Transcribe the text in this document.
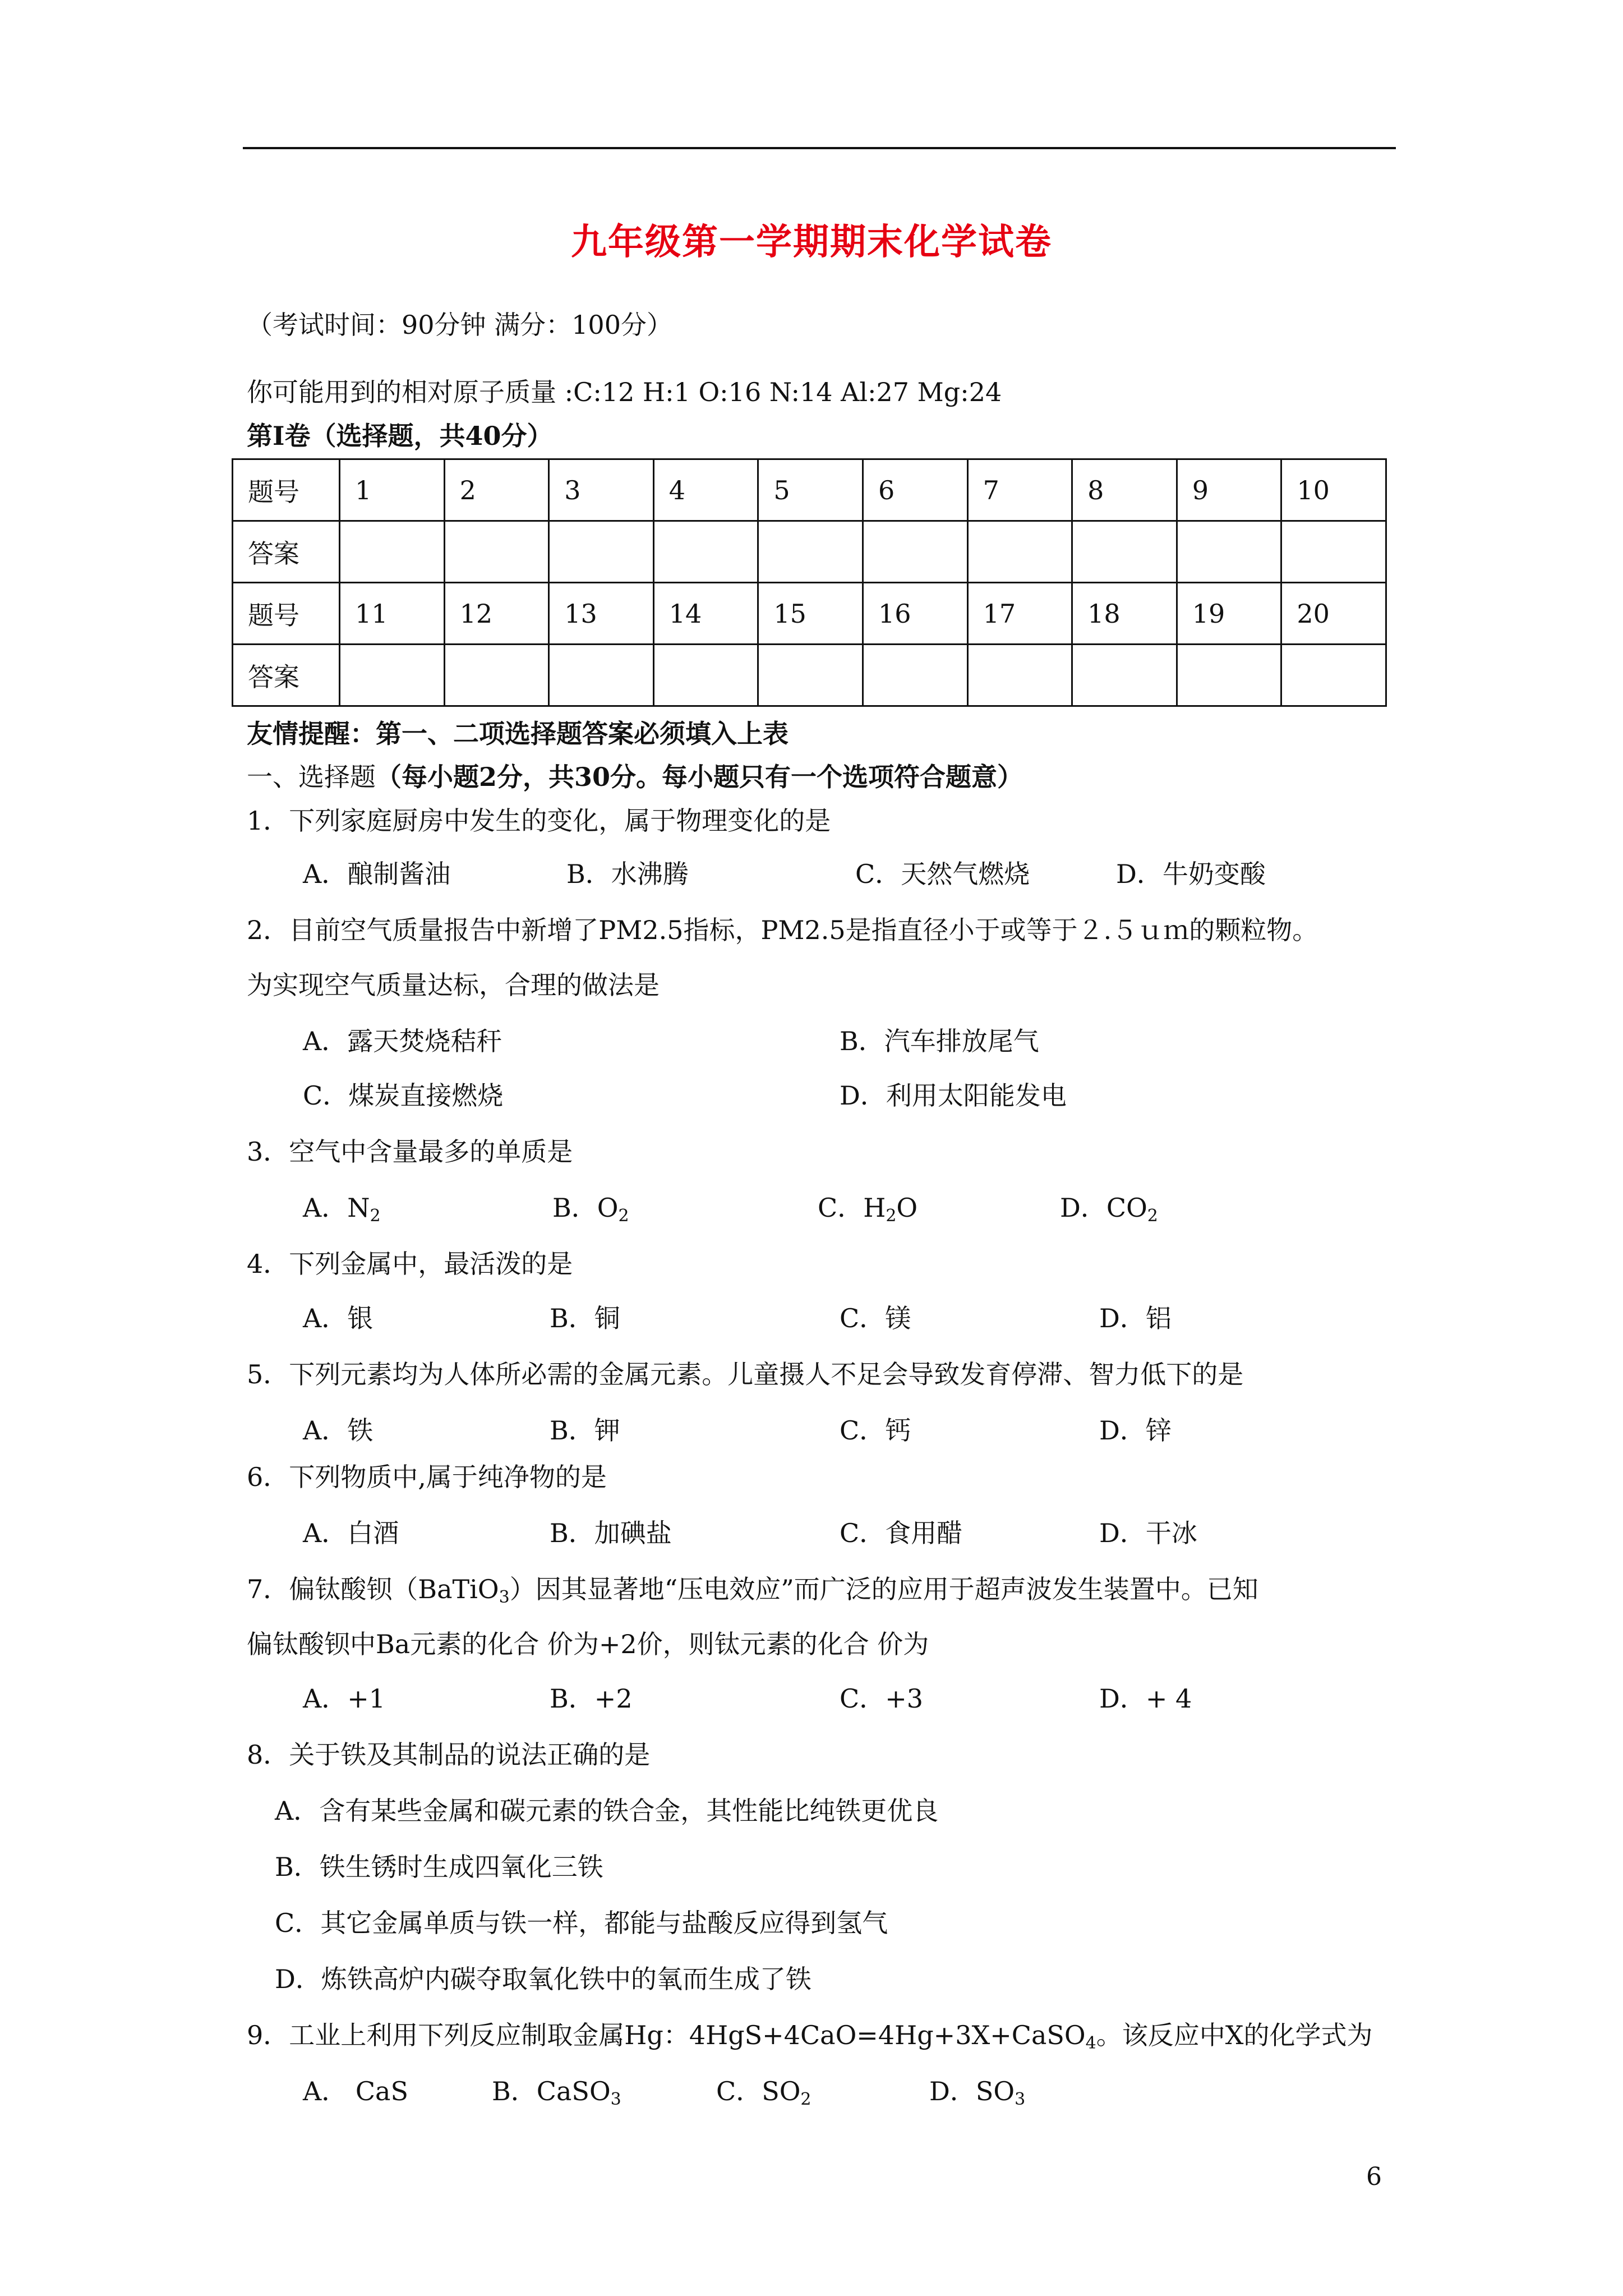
九年级第一学期期末化学试卷
（考试时间：90分钟 满分：100分）
你可能用到的相对原子质量 :C:12 H:1 O:16 N:14 Al:27 Mg:24
第Ⅰ卷（选择题，共40分）
题号	1	2	3	4	5	6	7	8	9	10
答案										
题号	11	12	13	14	15	16	17	18	19	20
答案										
友情提醒：第一、二项选择题答案必须填入上表
一、选择题（每小题2分，共30分。每小题只有一个选项符合题意）
1．下列家庭厨房中发生的变化，属于物理变化的是
A．酿制酱油	B．水沸腾	C．天然气燃烧	D．牛奶变酸
2．目前空气质量报告中新增了PM2.5指标，PM2.5是指直径小于或等于２.５ｕｍ的颗粒物。
为实现空气质量达标，合理的做法是
A．露天焚烧秸秆	B．汽车排放尾气
C．煤炭直接燃烧	D．利用太阳能发电
3．空气中含量最多的单质是
A．$N_2$	B．$O_2$	C．$H_2O$	D．$CO_2$
4．下列金属中，最活泼的是
A．银	B．铜	C．镁	D．铝
5．下列元素均为人体所必需的金属元素。儿童摄人不足会导致发育停滞、智力低下的是
A．铁	B．钾	C．钙	D．锌
6．下列物质中,属于纯净物的是
A．白酒	B．加碘盐	C．食用醋	D．干冰
7．偏钛酸钡（BaTiO$_3$）因其显著地“压电效应”而广泛的应用于超声波发生装置中。已知
偏钛酸钡中Ba元素的化合 价为+2价，则钛元素的化合 价为
A．+1	B．+2	C．+3	D．+ 4
8．关于铁及其制品的说法正确的是
A．含有某些金属和碳元素的铁合金，其性能比纯铁更优良
B．铁生锈时生成四氧化三铁
C．其它金属单质与铁一样，都能与盐酸反应得到氢气
D．炼铁高炉内碳夺取氧化铁中的氧而生成了铁
9．工业上利用下列反应制取金属Hg：4HgS+4CaO=4Hg+3X+CaSO$_4$。该反应中X的化学式为
A． CaS	B．CaSO$_3$	C．$SO_2$	D．$SO_3$
6
